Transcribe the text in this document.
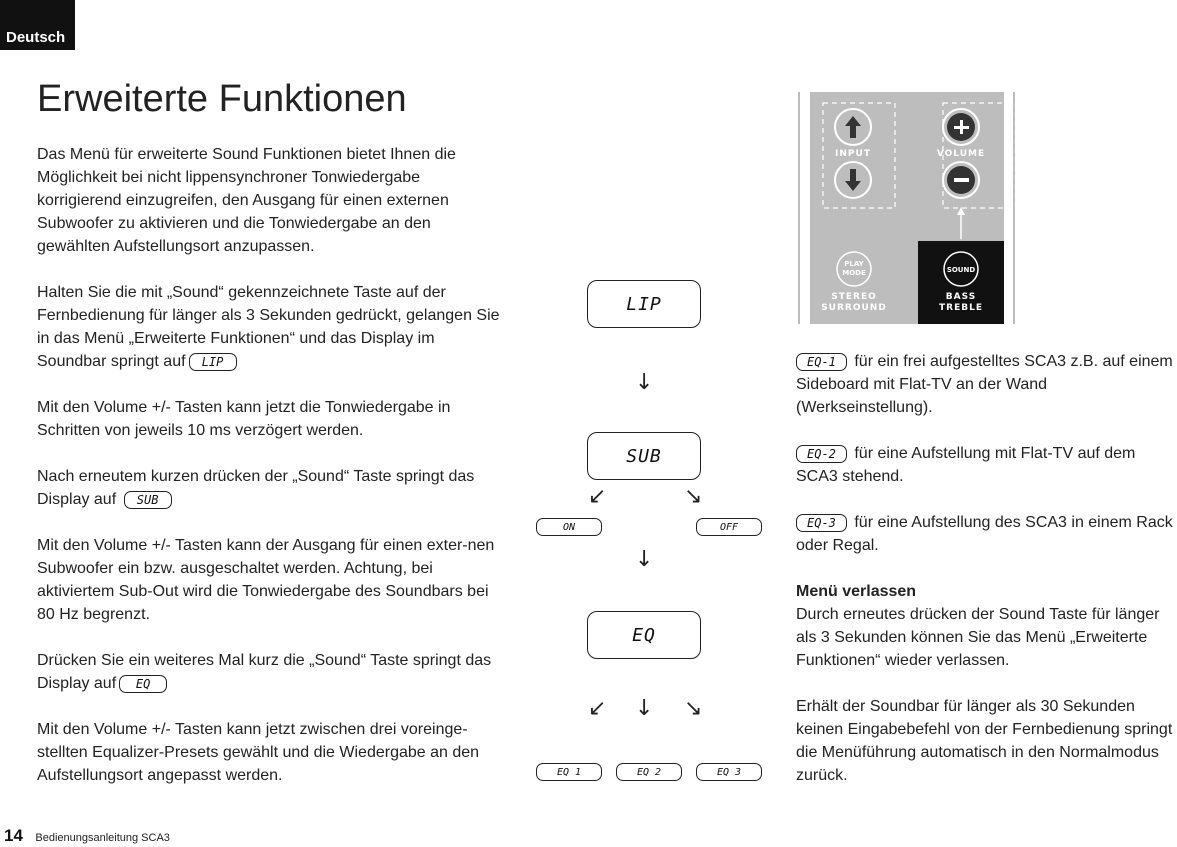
Deutsch
Erweiterte Funktionen

Das Menü für erweiterte Sound Funktionen bietet Ihnen die Möglichkeit bei nicht lippensynchroner Tonwiedergabe korrigierend einzugreifen, den Ausgang für einen externen Subwoofer zu aktivieren und die Tonwiedergabe an den gewählten Aufstellungsort anzupassen.

Halten Sie die mit „Sound“ gekennzeichnete Taste auf der Fernbedienung für länger als 3 Sekunden gedrückt, gelangen Sie in das Menü „Erweiterte Funktionen“ und das Display im Soundbar springt auf LIP

Mit den Volume +/- Tasten kann jetzt die Tonwiedergabe in Schritten von jeweils 10 ms verzögert werden.

Nach erneutem kurzen drücken der „Sound“ Taste springt das Display auf SUB

Mit den Volume +/- Tasten kann der Ausgang für einen exter-nen Subwoofer ein bzw. ausgeschaltet werden. Achtung, bei aktiviertem Sub-Out wird die Tonwiedergabe des Soundbars bei 80 Hz begrenzt.

Drücken Sie ein weiteres Mal kurz die „Sound“ Taste springt das Display auf EQ

Mit den Volume +/- Tasten kann jetzt zwischen drei voreinge-stellten Equalizer-Presets gewählt und die Wiedergabe an den Aufstellungsort angepasst werden.

LIP
↓
SUB
↙	↘
ON	OFF
↓
EQ
↙ ↓ ↘
EQ 1	EQ 2	EQ 3
INPUT	VOLUME
PLAY
MODE	SOUND
STEREO
SURROUND
BASS
TREBLE

EQ-1 für ein frei aufgestelltes SCA3 z.B. auf einem Sideboard mit Flat-TV an der Wand (Werkseinstellung).

EQ-2 für eine Aufstellung mit Flat-TV auf dem SCA3 stehend.

EQ-3 für eine Aufstellung des SCA3 in einem Rack oder Regal.

Menü verlassen

Durch erneutes drücken der Sound Taste für länger als 3 Sekunden können Sie das Menü „Erweiterte Funktionen“ wieder verlassen.

Erhält der Soundbar für länger als 30 Sekunden keinen Eingabebefehl von der Fernbedienung springt die Menüführung automatisch in den Normalmodus zurück.

14 Bedienungsanleitung SCA3
